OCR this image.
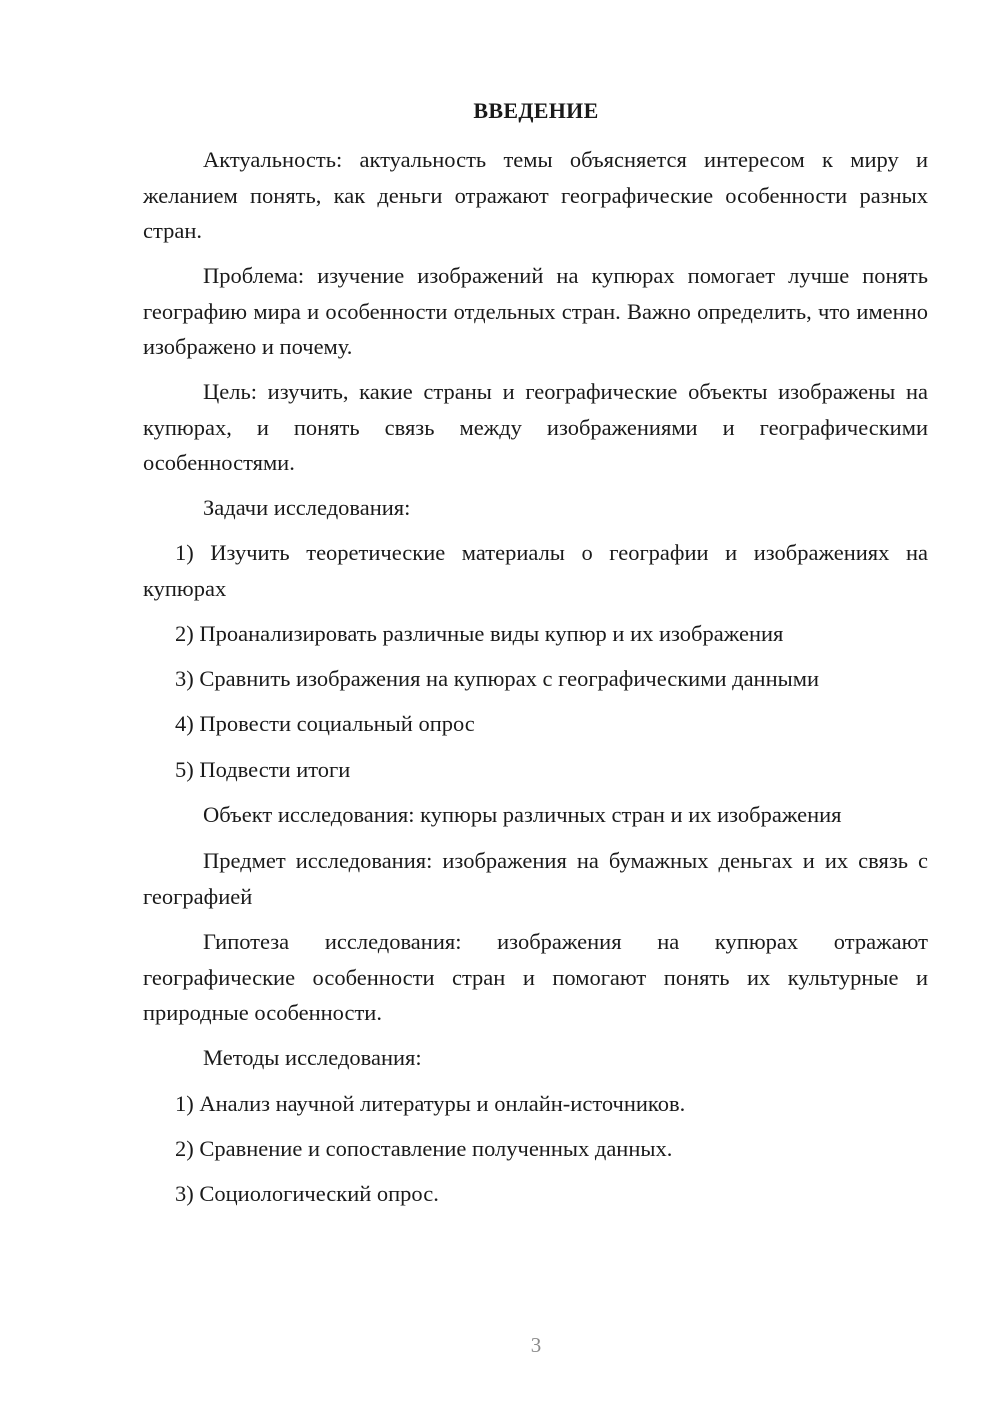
ВВЕДЕНИЕ

Актуальность: актуальность темы объясняется интересом к миру и желанием понять, как деньги отражают географические особенности разных стран.

Проблема: изучение изображений на купюрах помогает лучше понять географию мира и особенности отдельных стран. Важно определить, что именно изображено и почему.

Цель: изучить, какие страны и географические объекты изображены на купюрах, и понять связь между изображениями и географическими особенностями.

Задачи исследования:

1) Изучить теоретические материалы о географии и изображениях на купюрах

2) Проанализировать различные виды купюр и их изображения

3) Сравнить изображения на купюрах с географическими данными

4) Провести социальный опрос

5) Подвести итоги

Объект исследования: купюры различных стран и их изображения

Предмет исследования: изображения на бумажных деньгах и их связь с географией

Гипотеза исследования: изображения на купюрах отражают географические особенности стран и помогают понять их культурные и природные особенности.

Методы исследования:

1) Анализ научной литературы и онлайн-источников.

2) Сравнение и сопоставление полученных данных.

3) Социологический опрос.

3
